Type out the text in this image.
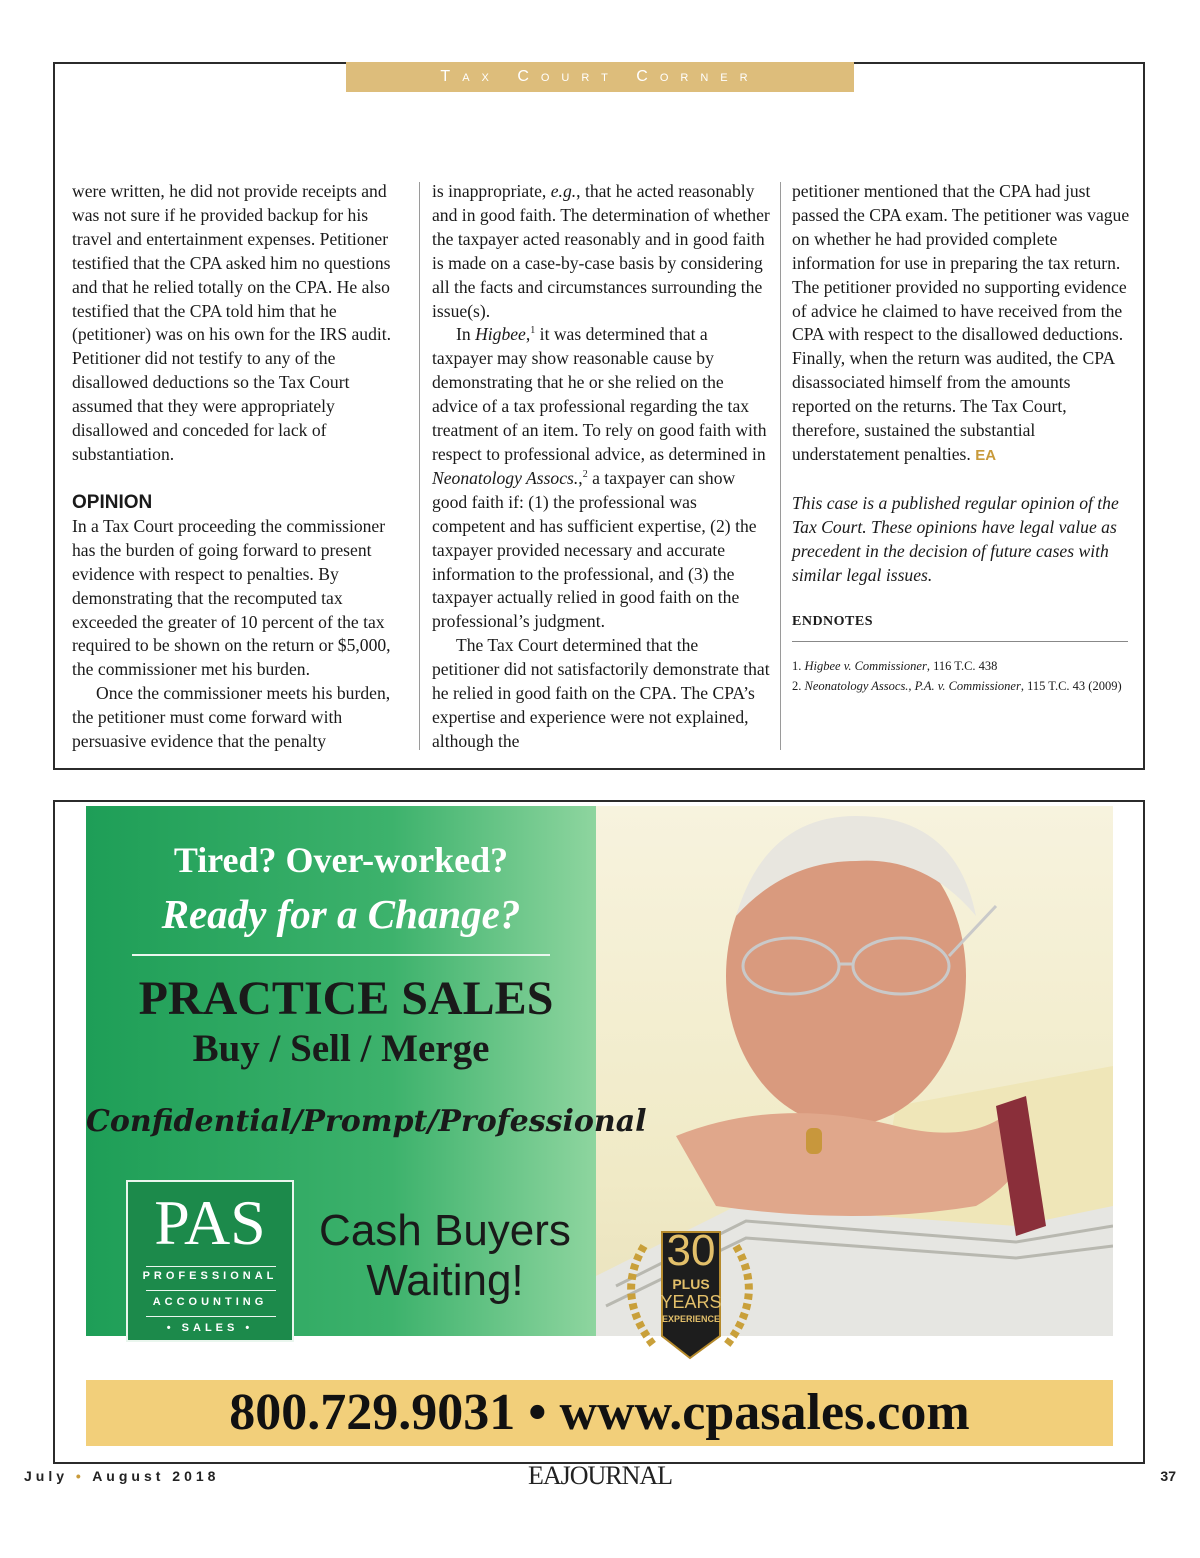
Tax Court Corner

were written, he did not provide receipts and was not sure if he provided backup for his travel and entertainment expenses. Petitioner testified that the CPA asked him no questions and that he relied totally on the CPA. He also testified that the CPA told him that he (petitioner) was on his own for the IRS audit. Petitioner did not testify to any of the disallowed deductions so the Tax Court assumed that they were appropriately disallowed and conceded for lack of substantiation.

OPINION

In a Tax Court proceeding the commissioner has the burden of going forward to present evidence with respect to penalties. By demonstrating that the recomputed tax exceeded the greater of 10 percent of the tax required to be shown on the return or $5,000, the commissioner met his burden.

Once the commissioner meets his burden, the petitioner must come forward with persuasive evidence that the penalty

is inappropriate, e.g., that he acted reasonably and in good faith. The determination of whether the taxpayer acted reasonably and in good faith is made on a case-by-case basis by considering all the facts and circumstances surrounding the issue(s).

In Higbee,$^1$ it was determined that a taxpayer may show reasonable cause by demonstrating that he or she relied on the advice of a tax professional regarding the tax treatment of an item. To rely on good faith with respect to professional advice, as determined in Neonatology Assocs.,$^2$ a taxpayer can show good faith if: (1) the professional was competent and has sufficient expertise, (2) the taxpayer provided necessary and accurate information to the professional, and (3) the taxpayer actually relied in good faith on the professional’s judgment.

The Tax Court determined that the petitioner did not satisfactorily demonstrate that he relied in good faith on the CPA. The CPA’s expertise and experience were not explained, although the

petitioner mentioned that the CPA had just passed the CPA exam. The petitioner was vague on whether he had provided complete information for use in preparing the tax return. The petitioner provided no supporting evidence of advice he claimed to have received from the CPA with respect to the disallowed deductions. Finally, when the return was audited, the CPA disassociated himself from the amounts reported on the returns. The Tax Court, therefore, sustained the substantial understatement penalties. EA

This case is a published regular opinion of the Tax Court. These opinions have legal value as precedent in the decision of future cases with similar legal issues.

ENDNOTES

1. Higbee v. Commissioner, 116 T.C. 438

2. Neonatology Assocs., P.A. v. Commissioner, 115 T.C. 43 (2009)

Tired? Over-worked?
Ready for a Change?
PRACTICE SALES
Buy / Sell / Merge
Confidential/Prompt/Professional
PAS
PROFESSIONAL
ACCOUNTING
• SALES •
Cash Buyers
Waiting!
30
PLUS
YEARS
EXPERIENCE
800.729.9031 • www.cpasales.com
July • August 2018	EAJOURNAL	37
